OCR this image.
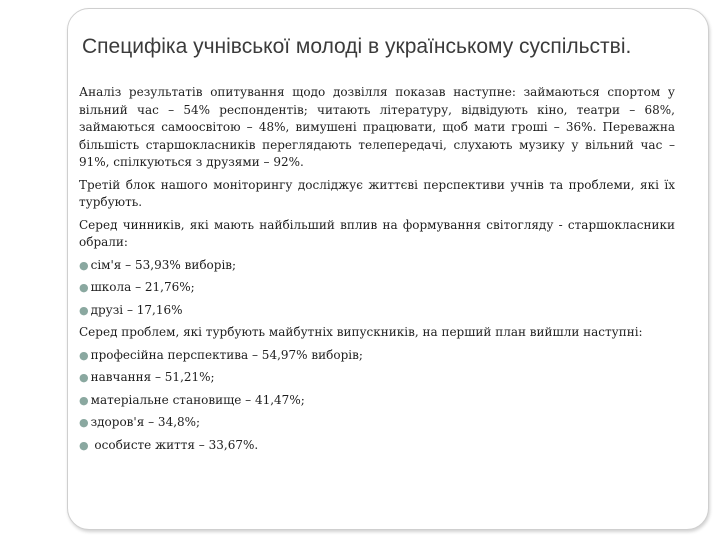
Специфіка учнівської молоді в українському суспільстві.

Аналіз результатів опитування щодо дозвілля показав наступне: займаються спортом у вільний час – 54% респондентів; читають літературу, відвідують кіно, театри – 68%, займаються самоосвітою – 48%, вимушені працювати, щоб мати гроші – 36%. Переважна більшість старшокласників переглядають телепередачі, слухають музику у вільний час – 91%, спілкуються з друзями – 92%.

Третій блок нашого моніторингу досліджує життєві перспективи учнів та проблеми, які їх турбують.

Серед чинників, які мають найбільший вплив на формування світогляду - старшокласники обрали:

● сім'я – 53,93% виборів;
● школа – 21,76%;
● друзі – 17,16%

Серед проблем, які турбують майбутніх випускників, на перший план вийшли наступні:

● професійна перспектива – 54,97% виборів;
● навчання – 51,21%;
● матеріальне становище – 41,47%;
● здоров'я – 34,8%;
● особисте життя – 33,67%.
